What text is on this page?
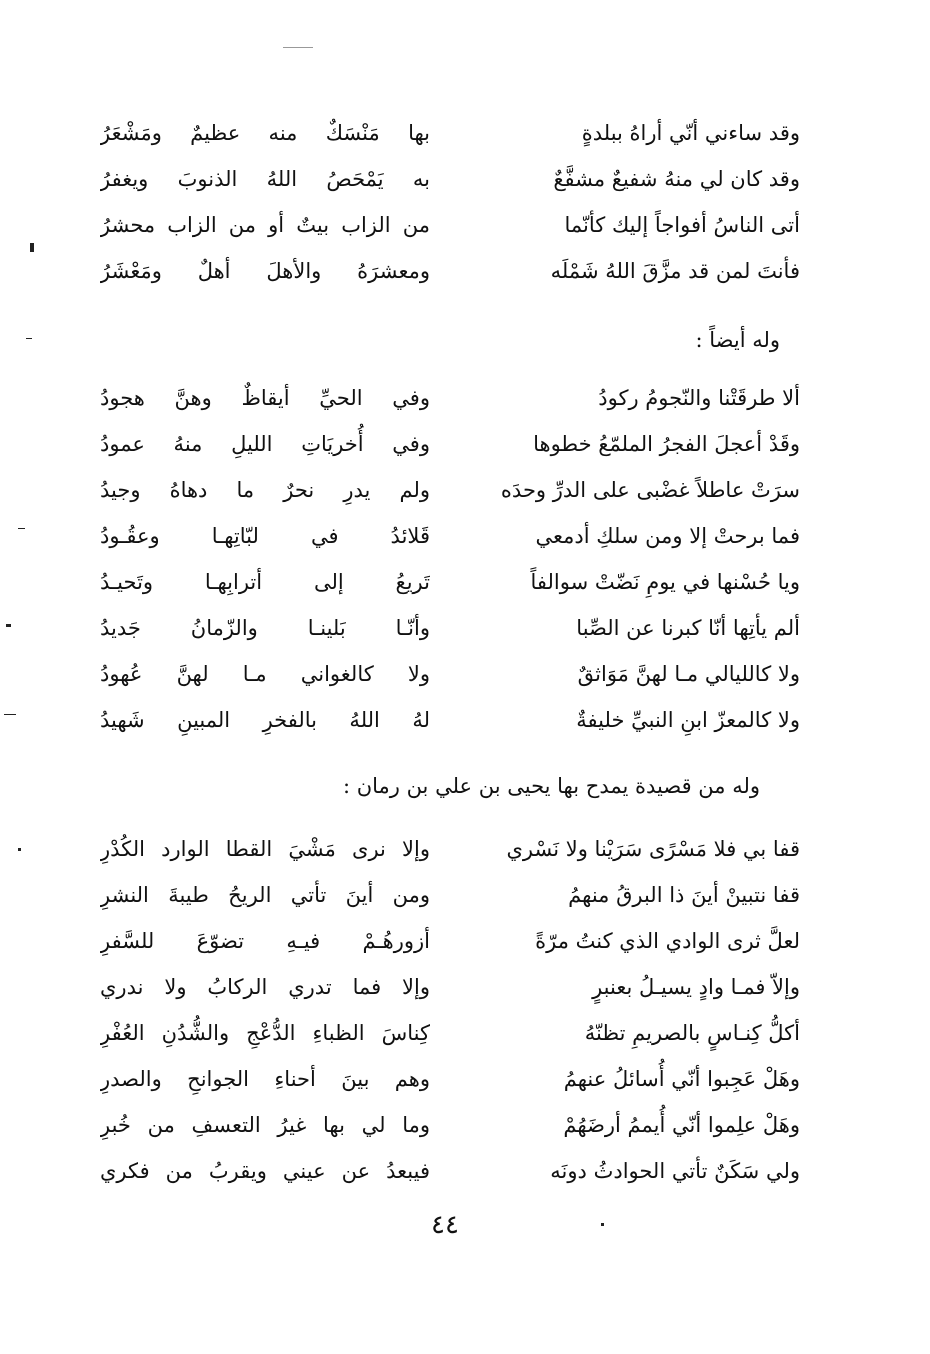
وقد ساءني أنّي أراهُ ببلدةٍ
بها مَنْسَكٌ منه عظيمٌ ومَشْعَرُ
وقد كان لي منهُ شفيعٌ مشفَّعٌ
به يَمْحَصُ اللهُ الذنوبَ ويغفرُ
أتى الناسُ أفواجاً إليك كأنّما
من الزاب بيتٌ أو من الزاب محشرُ
فأنتَ لمن قد مزَّقَ اللهُ شَمْلَه
ومعشرَهُ والأهلَ أهلٌ ومَعْشَرُ
وله أيضاً :
ألا طرقَتْنا والنّجومُ ركودُ
وفي الحيِّ أيقاظٌ وهنَّ هجودُ
وقَدْ أعجلَ الفجرُ الملمّعُ خطوها
وفي أُخريَاتِ الليلِ منهُ عمودُ
سرَتْ عاطلاً غضْبى على الدرِّ وحدَه
ولم يدرِ نحرٌ ما دهاهُ وجيدُ
فما برحتْ إلا ومن سلكِ أدمعي
قَلائدُ في لبّاتِهـا وعقُـودُ
ويا حُسْنها في يومِ نَضّتْ سوالفاً
تَريعُ إلى أترابِهـا وتَحيـدُ
ألم يأتِها أنّا كبرنا عن الصِّبا
وأنّـا بَلينـا والزّمانُ جَديدُ
ولا كالليالي مـا لهنَّ مَوَاثقٌ
ولا كالغواني مـا لهنَّ عُهودُ
ولا كالمعزّ ابنِ النبيِّ خليفةٌ
لهُ اللهُ بالفخرِ المبينِ شَهيدُ
وله من قصيدة يمدح بها يحيى بن علي بن رمان :
قفا بي فلا مَسْرًى سَرَيْنا ولا نَسْري
وإلا نرى مَشْيَ القطا الوارد الكُدْرِ
قفا نتبينْ أينَ ذا البرقُ منهمُ
ومن أينَ تأتي الريحُ طيبةَ النشرِ
لعلَّ ثرى الوادي الذي كنتُ مرّةً
أزورهُـمْ فيـهِ تضوّعَ للسَّفرِ
وإلاّ فمـا وادٍ يسيـلُ بعنبرٍ
وإلا فما تدري الركابُ ولا ندري
أكلُّ كِنـاسٍ بالصريمِ تظنّهُ
كِناسَ الظباءِ الدُّعْجِ والشُّدُنِ العُفْرِ
وهَلْ عَجِبوا أنّي أُسائلُ عنهمُ
وهم بينَ أحناءِ الجوانحِ والصدرِ
وهَلْ علِموا أنّي أُيممُ أرضَهُمْ
وما لي بها غيرُ التعسفِ من خُبرِ
ولي سَكَنٌ تأتي الحوادثُ دونَه
فيبعدُ عن عيني ويقربُ من فكري
٤٤
